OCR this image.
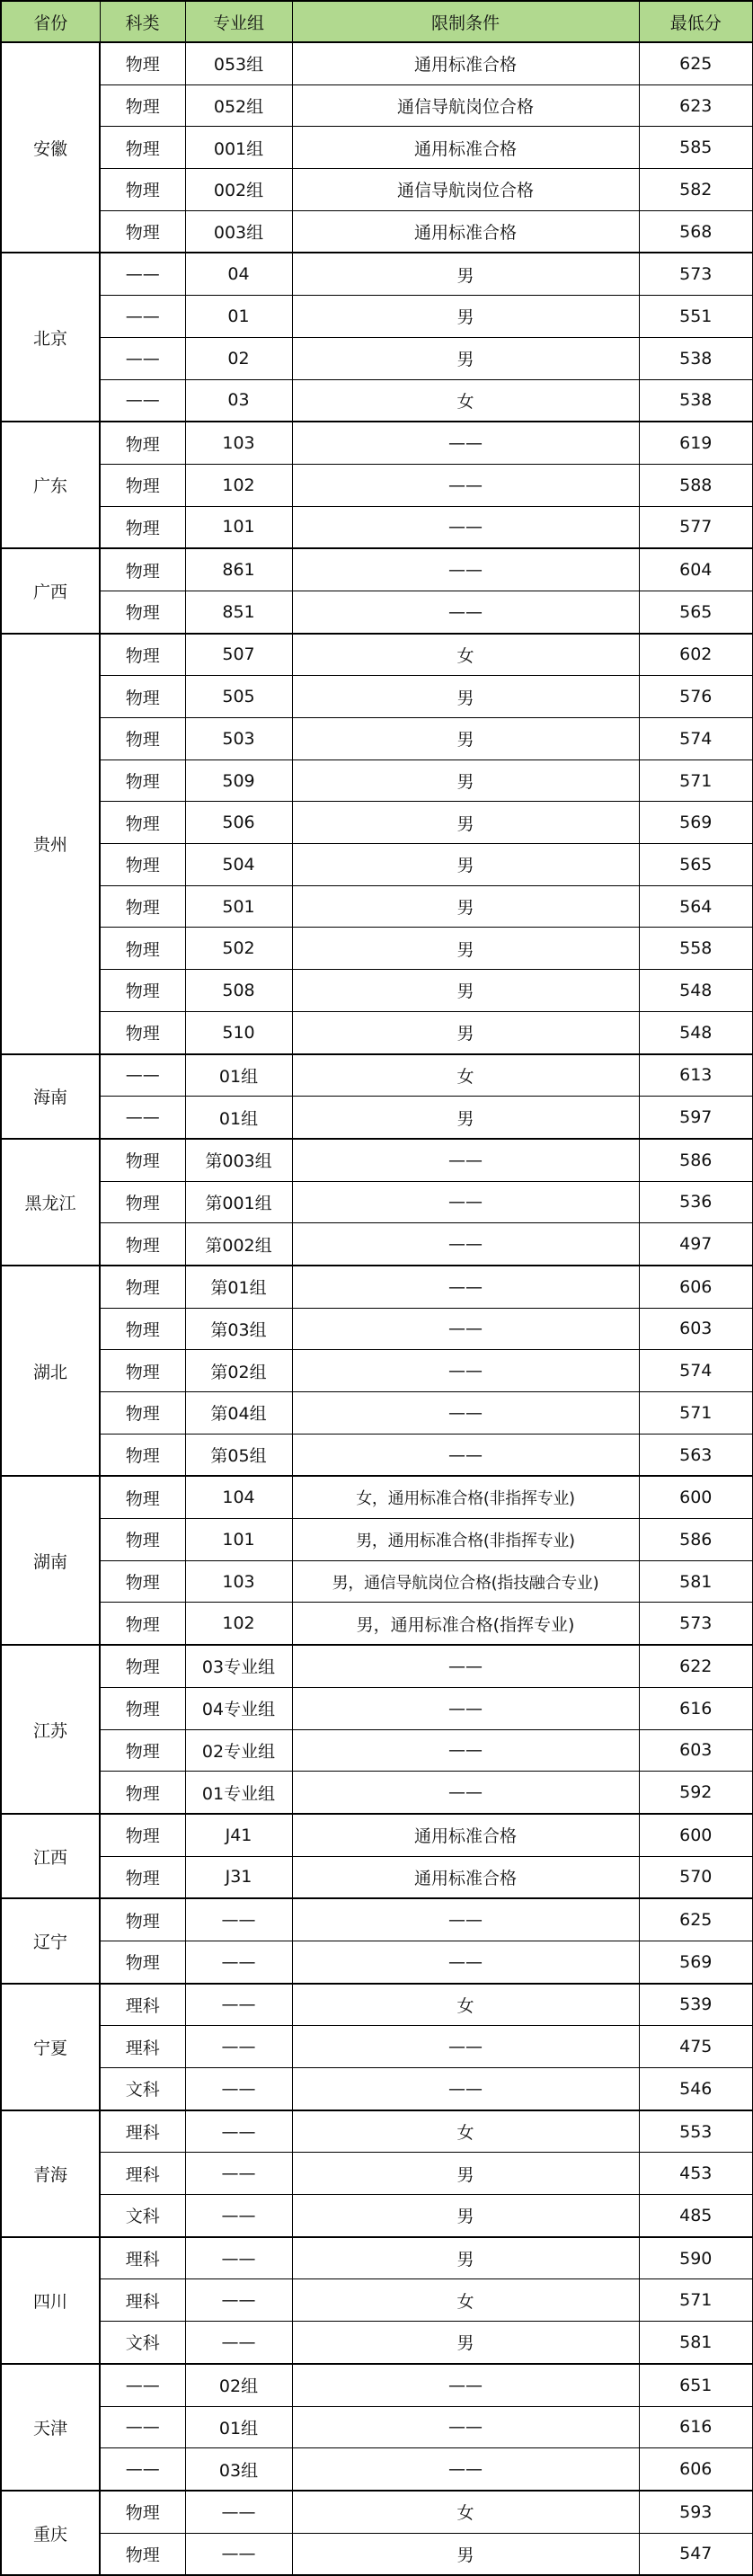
省份	科类	专业组	限制条件	最低分
安徽	物理	053组	通用标准合格	625
	物理	052组	通信导航岗位合格	623
	物理	001组	通用标准合格	585
	物理	002组	通信导航岗位合格	582
	物理	003组	通用标准合格	568
北京	——	04	男	573
	——	01	男	551
	——	02	男	538
	——	03	女	538
广东	物理	103	——	619
	物理	102	——	588
	物理	101	——	577
广西	物理	861	——	604
	物理	851	——	565
贵州	物理	507	女	602
	物理	505	男	576
	物理	503	男	574
	物理	509	男	571
	物理	506	男	569
	物理	504	男	565
	物理	501	男	564
	物理	502	男	558
	物理	508	男	548
	物理	510	男	548
海南	——	01组	女	613
	——	01组	男	597
黑龙江	物理	第003组	——	586
	物理	第001组	——	536
	物理	第002组	——	497
湖北	物理	第01组	——	606
	物理	第03组	——	603
	物理	第02组	——	574
	物理	第04组	——	571
	物理	第05组	——	563
湖南	物理	104	女，通用标准合格(非指挥专业)	600
	物理	101	男，通用标准合格(非指挥专业)	586
	物理	103	男，通信导航岗位合格(指技融合专业)	581
	物理	102	男，通用标准合格(指挥专业)	573
江苏	物理	03专业组	——	622
	物理	04专业组	——	616
	物理	02专业组	——	603
	物理	01专业组	——	592
江西	物理	J41	通用标准合格	600
	物理	J31	通用标准合格	570
辽宁	物理	——	——	625
	物理	——	——	569
宁夏	理科	——	女	539
	理科	——	——	475
	文科	——	——	546
青海	理科	——	女	553
	理科	——	男	453
	文科	——	男	485
四川	理科	——	男	590
	理科	——	女	571
	文科	——	男	581
天津	——	02组	——	651
	——	01组	——	616
	——	03组	——	606
重庆	物理	——	女	593
	物理	——	男	547
